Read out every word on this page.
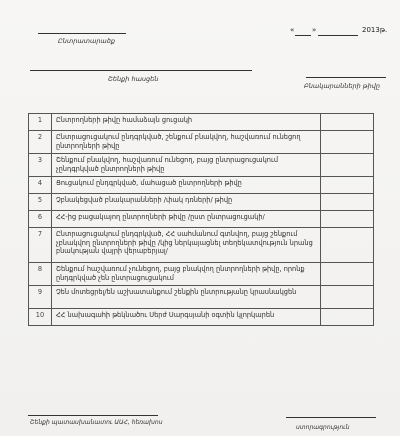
Ընտրատարածք
«	»	2013թ.
Շենքի հասցեն
Բնակարանների թիվը
1	Ընտրողների թիվը համաձայն ցուցակի	
2	Ընտրացուցակում ընդգրկված, շենքում բնակվող, հաշվառում ունեցող ընտրողների թիվը	
3	Շենքում բնակվող, հաշվառում ունեցող, բայց ընտրացուցակում չընդգրկված ընտրողների թիվը	
4	Ցուցակում ընդգրկված, մահացած ընտրողների թիվը	
5	Չբնակեցված բնակարանների /փակ դռների/ թիվը	
6	ՀՀ-ից բացակայող ընտրողների թիվը /ըստ ընտրացուցակի/	
7	Ընտրացուցակում ընդգրկված, ՀՀ սահմանում գտնվող, բայց շենքում չբնակվող ընտրողների թիվը /կից ներկայացնել տեղեկատվություն նրանց բնակության վայրի վերաբերյալ/	
8	Շենքում հաշվառում չունեցող, բայց բնակվող ընտրողների թիվը, որոնք ընդգրկված չեն ընտրացուցակում	
9	Չեն մոտեցրել/են աշխատանքում շենքին ընտրությանը կրասնակցեն	
10	ՀՀ նախագահի թեկնածու Սերժ Սարգսյանի օգտին կլորկարեն	
Շենքի պատասխանատու ԱԱՀ, հեռախոս
ստորագրություն
